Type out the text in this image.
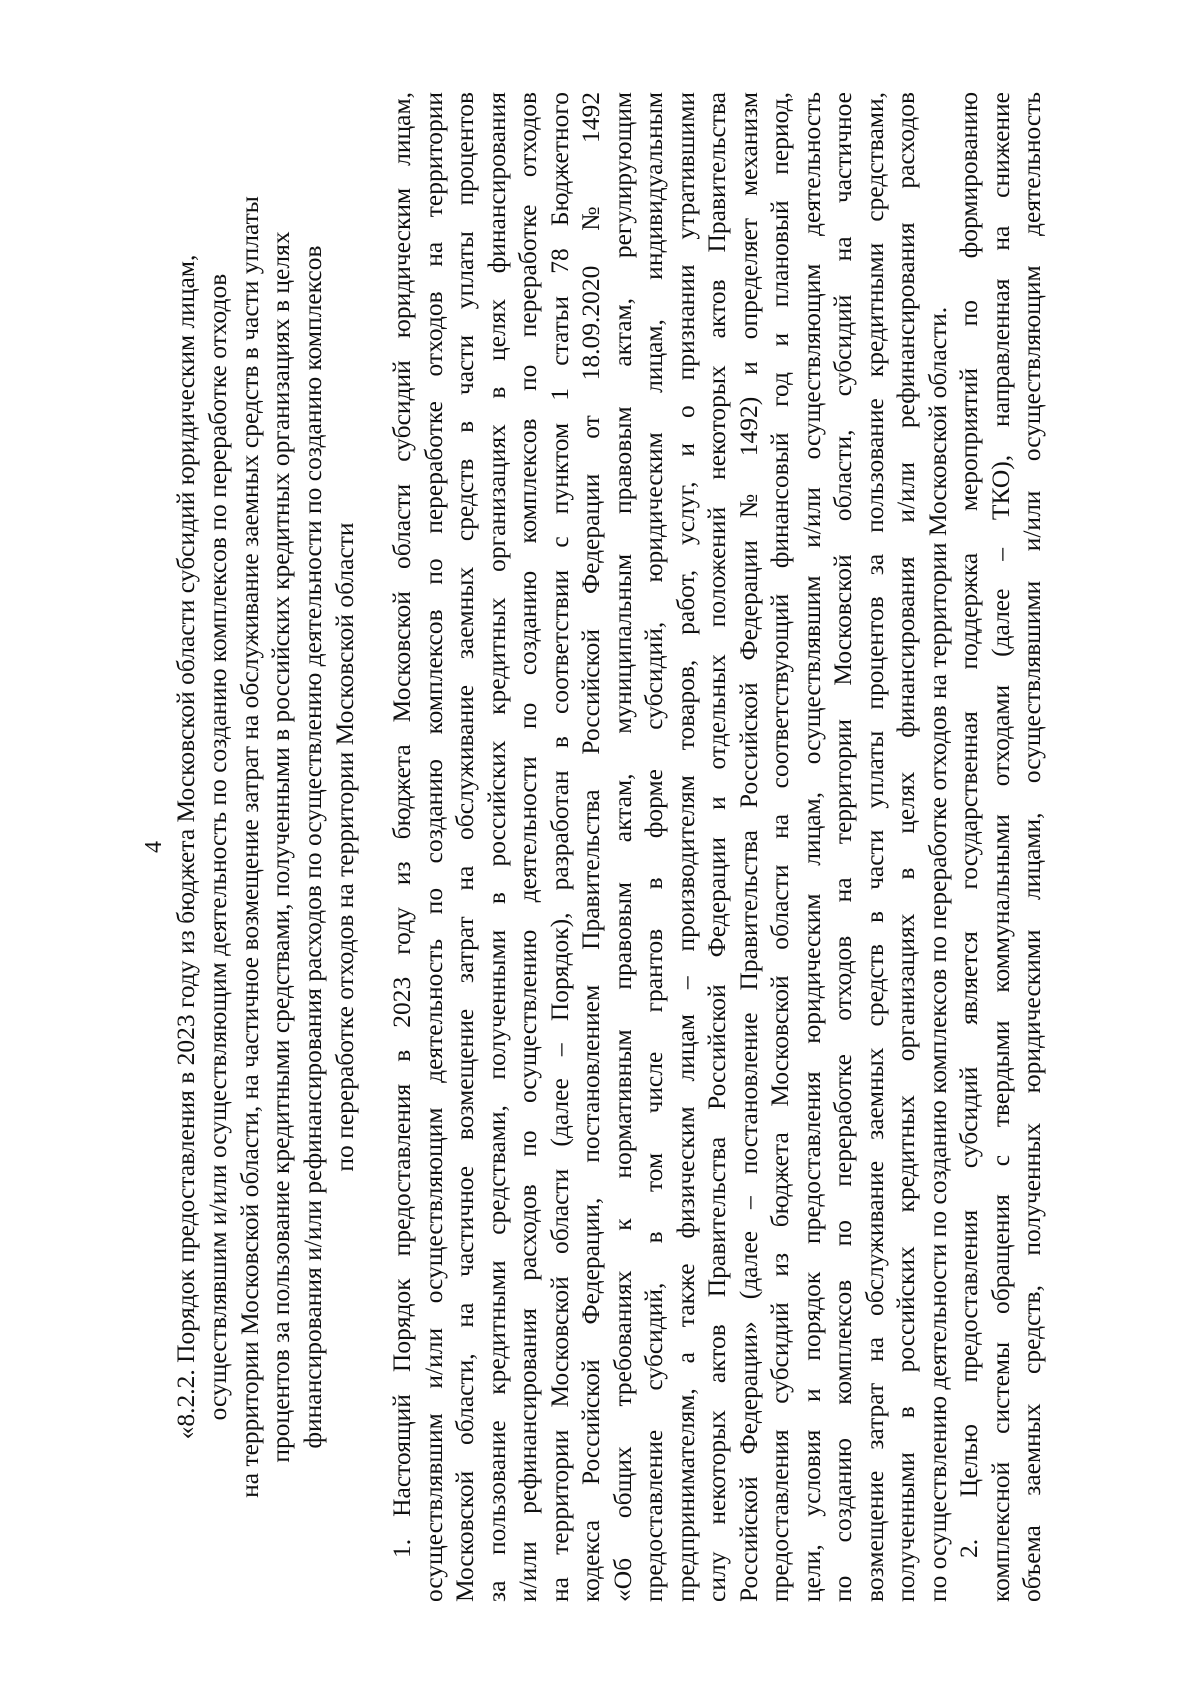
4 «8.2.2. Порядок предоставления в 2023 году из бюджета Московской области субсидий юридическим лицам, осуществлявшим и/или осуществляющим деятельность по созданию комплексов по переработке отходов на территории Московской области, на частичное возмещение затрат на обслуживание заемных средств в части уплаты процентов за пользование кредитными средствами, полученными в российских кредитных организациях в целях финансирования и/или рефинансирования расходов по осуществлению деятельности по созданию комплексов по переработке отходов на территории Московской области 1. Настоящий Порядок предоставления в 2023 году из бюджета Московской области субсидий юридическим лицам, осуществлявшим и/или осуществляющим деятельность по созданию комплексов по переработке отходов на территории Московской области, на частичное возмещение затрат на обслуживание заемных средств в части уплаты процентов за пользование кредитными средствами, полученными в российских кредитных организациях в целях финансирования и/или рефинансирования расходов по осуществлению деятельности по созданию комплексов по переработке отходов на территории Московской области (далее – Порядок), разработан в соответствии с пунктом 1 статьи 78 Бюджетного кодекса Российской Федерации, постановлением Правительства Российской Федерации от 18.09.2020 № 1492 «Об общих требованиях к нормативным правовым актам, муниципальным правовым актам, регулирующим предоставление субсидий, в том числе грантов в форме субсидий, юридическим лицам, индивидуальным предпринимателям, а также физическим лицам – производителям товаров, работ, услуг, и о признании утратившими силу некоторых актов Правительства Российской Федерации и отдельных положений некоторых актов Правительства Российской Федерации» (далее – постановление Правительства Российской Федерации № 1492) и определяет механизм предоставления субсидий из бюджета Московской области на соответствующий финансовый год и плановый период, цели, условия и порядок предоставления юридическим лицам, осуществлявшим и/или осуществляющим деятельность по созданию комплексов по переработке отходов на территории Московской области, субсидий на частичное возмещение затрат на обслуживание заемных средств в части уплаты процентов за пользование кредитными средствами, полученными в российских кредитных организациях в целях финансирования и/или рефинансирования расходов по осуществлению деятельности по созданию комплексов по переработке отходов на территории Московской области. 2. Целью предоставления субсидий является государственная поддержка мероприятий по формированию комплексной системы обращения с твердыми коммунальными отходами (далее – ТКО), направленная на снижение объема заемных средств, полученных юридическими лицами, осуществлявшими и/или осуществляющим деятельность
